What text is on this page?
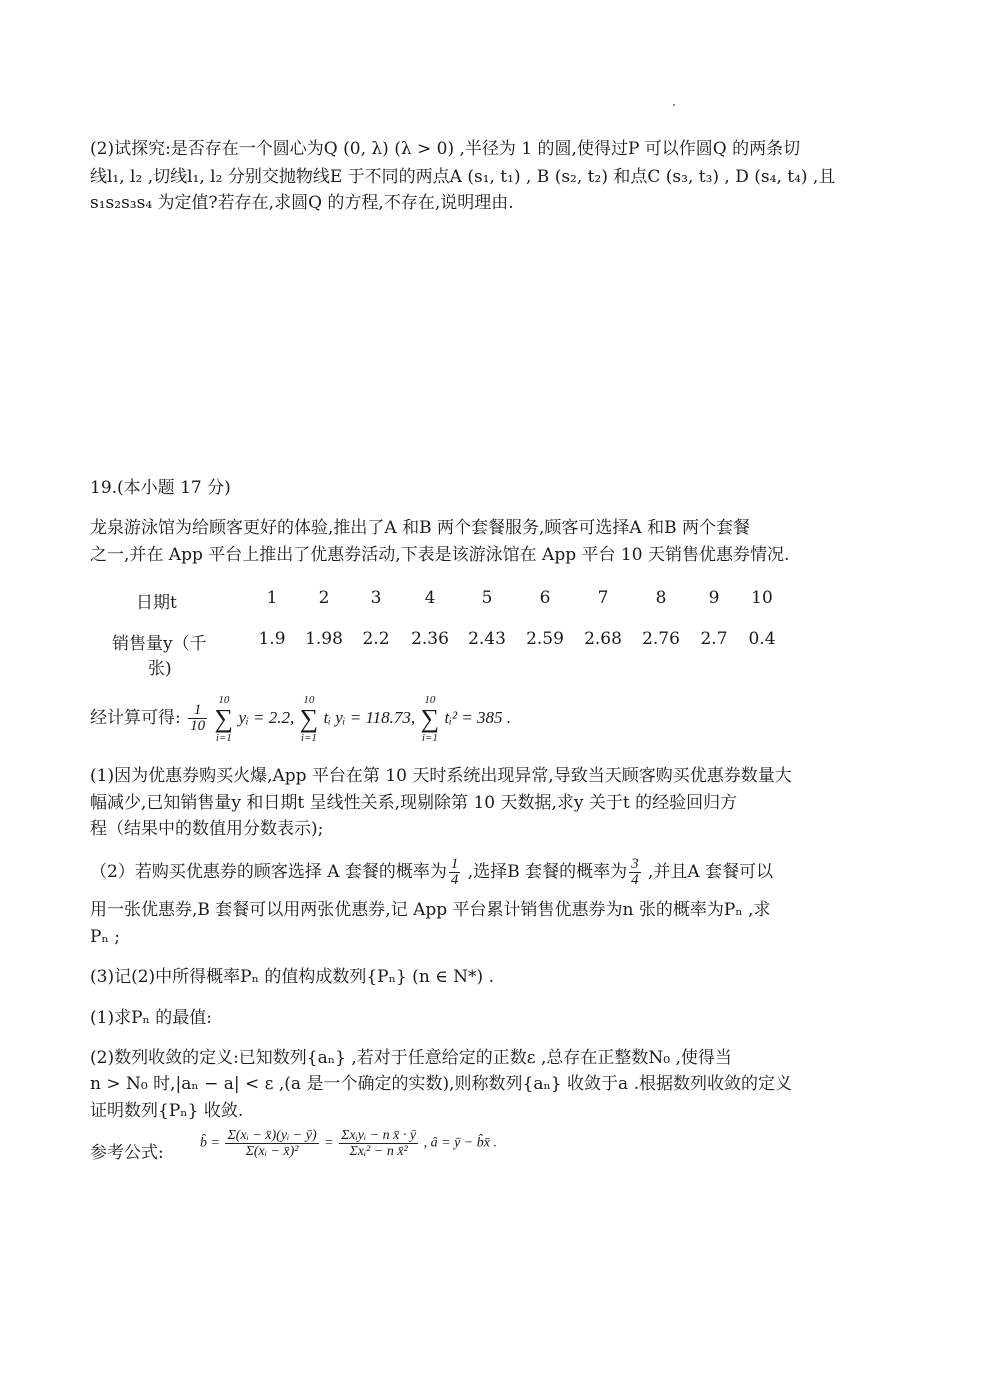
(2)试探究:是否存在一个圆心为Q (0, λ) (λ > 0) ,半径为 1 的圆,使得过P 可以作圆Q 的两条切
线l₁, l₂ ,切线l₁, l₂ 分别交抛物线E 于不同的两点A (s₁, t₁) , B (s₂, t₂) 和点C (s₃, t₃) , D (s₄, t₄) ,且
s₁s₂s₃s₄ 为定值?若存在,求圆Q 的方程,不存在,说明理由.
19.(本小题 17 分)
龙泉游泳馆为给顾客更好的体验,推出了A 和B 两个套餐服务,顾客可选择A 和B 两个套餐
之一,并在 App 平台上推出了优惠券活动,下表是该游泳馆在 App 平台 10 天销售优惠券情况.
日期t	1	2	3	4	5	6	7	8	9	10
销售量y（千
张)	1.9	1.98	2.2	2.36	2.43	2.59	2.68	2.76	2.7	0.4
经计算可得: $\frac{1}{10}$

10
∑
i=1
yᵢ = 2.2,
10
∑
i=1
tᵢ yᵢ = 118.73,
10
∑
i=1
tᵢ² = 385 .
(1)因为优惠券购买火爆,App 平台在第 10 天时系统出现异常,导致当天顾客购买优惠券数量大
幅减少,已知销售量y 和日期t 呈线性关系,现剔除第 10 天数据,求y 关于t 的经验回归方
程（结果中的数值用分数表示);
（2）若购买优惠券的顾客选择 A 套餐的概率为 $\frac{1}{4}$ ,选择B 套餐的概率为 $\frac{3}{4}$ ,并且A 套餐可以
用一张优惠券,B 套餐可以用两张优惠券,记 App 平台累计销售优惠券为n 张的概率为Pₙ ,求
Pₙ ;
(3)记(2)中所得概率Pₙ 的值构成数列{Pₙ} (n ∈ N*) .
(1)求Pₙ 的最值:
(2)数列收敛的定义:已知数列{aₙ} ,若对于任意给定的正数ε ,总存在正整数N₀ ,使得当
n > N₀ 时,|aₙ − a| < ε ,(a 是一个确定的实数),则称数列{aₙ} 收敛于a .根据数列收敛的定义
证明数列{Pₙ} 收敛.
参考公式:	b̂ = $\frac{\text{Σ(xᵢ − x̄)(yᵢ − ȳ)}}{\text{Σ(xᵢ − x̄)²}} = \frac{\text{Σxᵢyᵢ − n x̄ · ȳ}}{\text{Σxᵢ² − n x̄²}}$ , â = ȳ − b̂x̄ .
